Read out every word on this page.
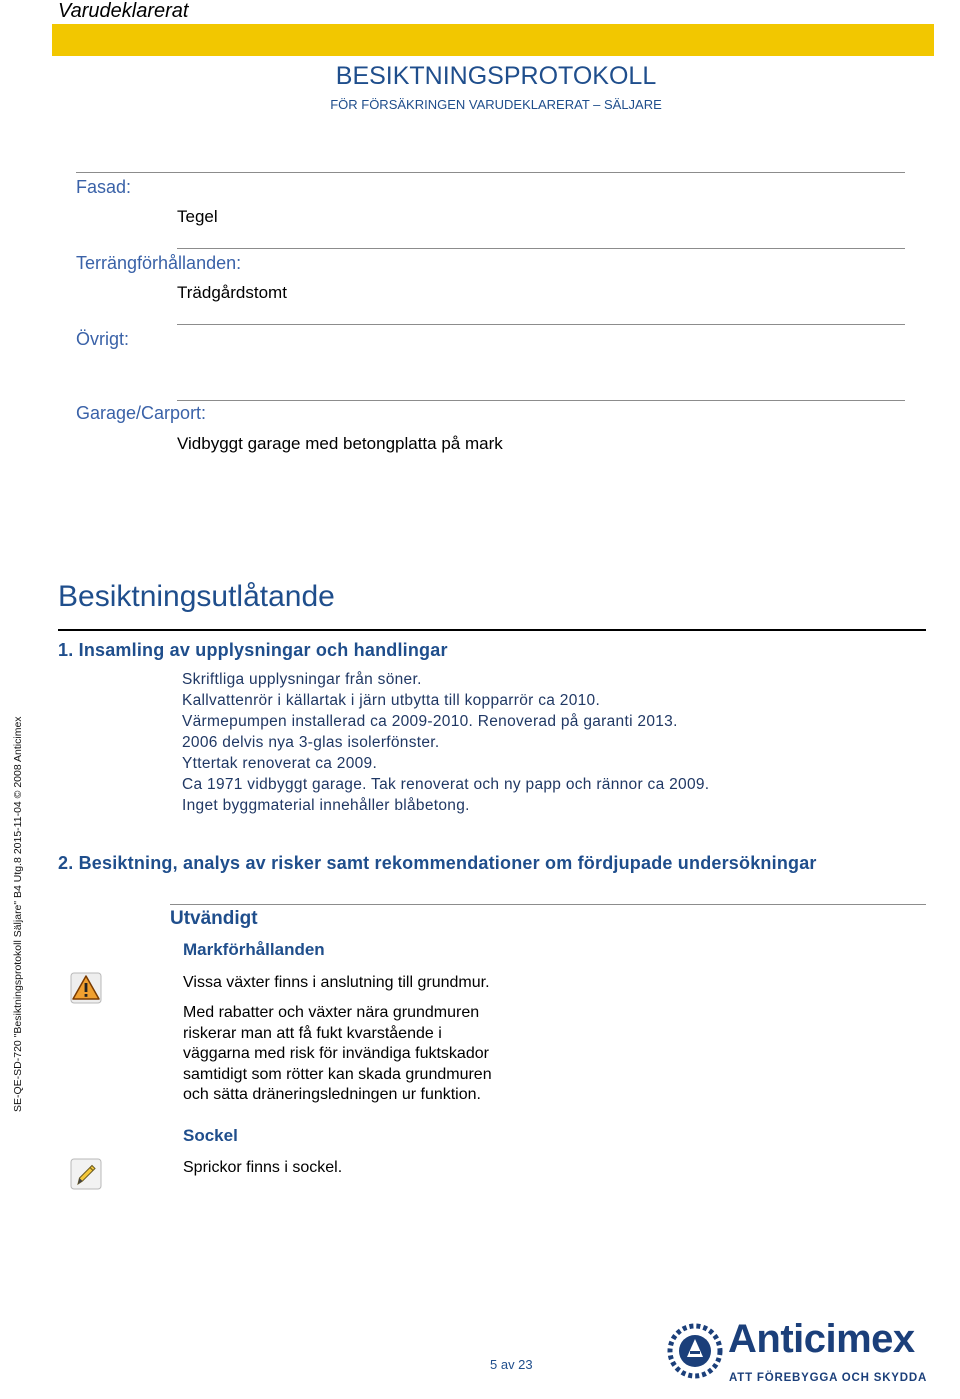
Varudeklarerat
BESIKTNINGSPROTOKOLL
FÖR FÖRSÄKRINGEN VARUDEKLARERAT – SÄLJARE
Fasad:
Tegel
Terrängförhållanden:
Trädgårdstomt
Övrigt:
Garage/Carport:
Vidbyggt garage med betongplatta på mark
Besiktningsutlåtande
1. Insamling av upplysningar och handlingar
Skriftliga upplysningar från söner.
Kallvattenrör i källartak i järn utbytta till kopparrör ca 2010.
Värmepumpen installerad ca 2009-2010. Renoverad på garanti 2013.
2006 delvis nya 3-glas isolerfönster.
Yttertak renoverat ca 2009.
Ca 1971 vidbyggt garage. Tak renoverat och ny papp och rännor ca 2009.
Inget byggmaterial innehåller blåbetong.
2. Besiktning, analys av risker samt rekommendationer om fördjupade undersökningar
Utvändigt
Markförhållanden
Vissa växter finns i anslutning till grundmur.
Med rabatter och växter nära grundmuren
riskerar man att få fukt kvarstående i
väggarna med risk för invändiga fuktskador
samtidigt som rötter kan skada grundmuren
och sätta dräneringsledningen ur funktion.
Sockel
Sprickor finns i sockel.
SE-QE-SD-720 "Besiktningsprotokoll Säljare" B4 Utg.8 2015-11-04 © 2008 Anticimex
5 av 23
Anticimex
ATT FÖREBYGGA OCH SKYDDA
